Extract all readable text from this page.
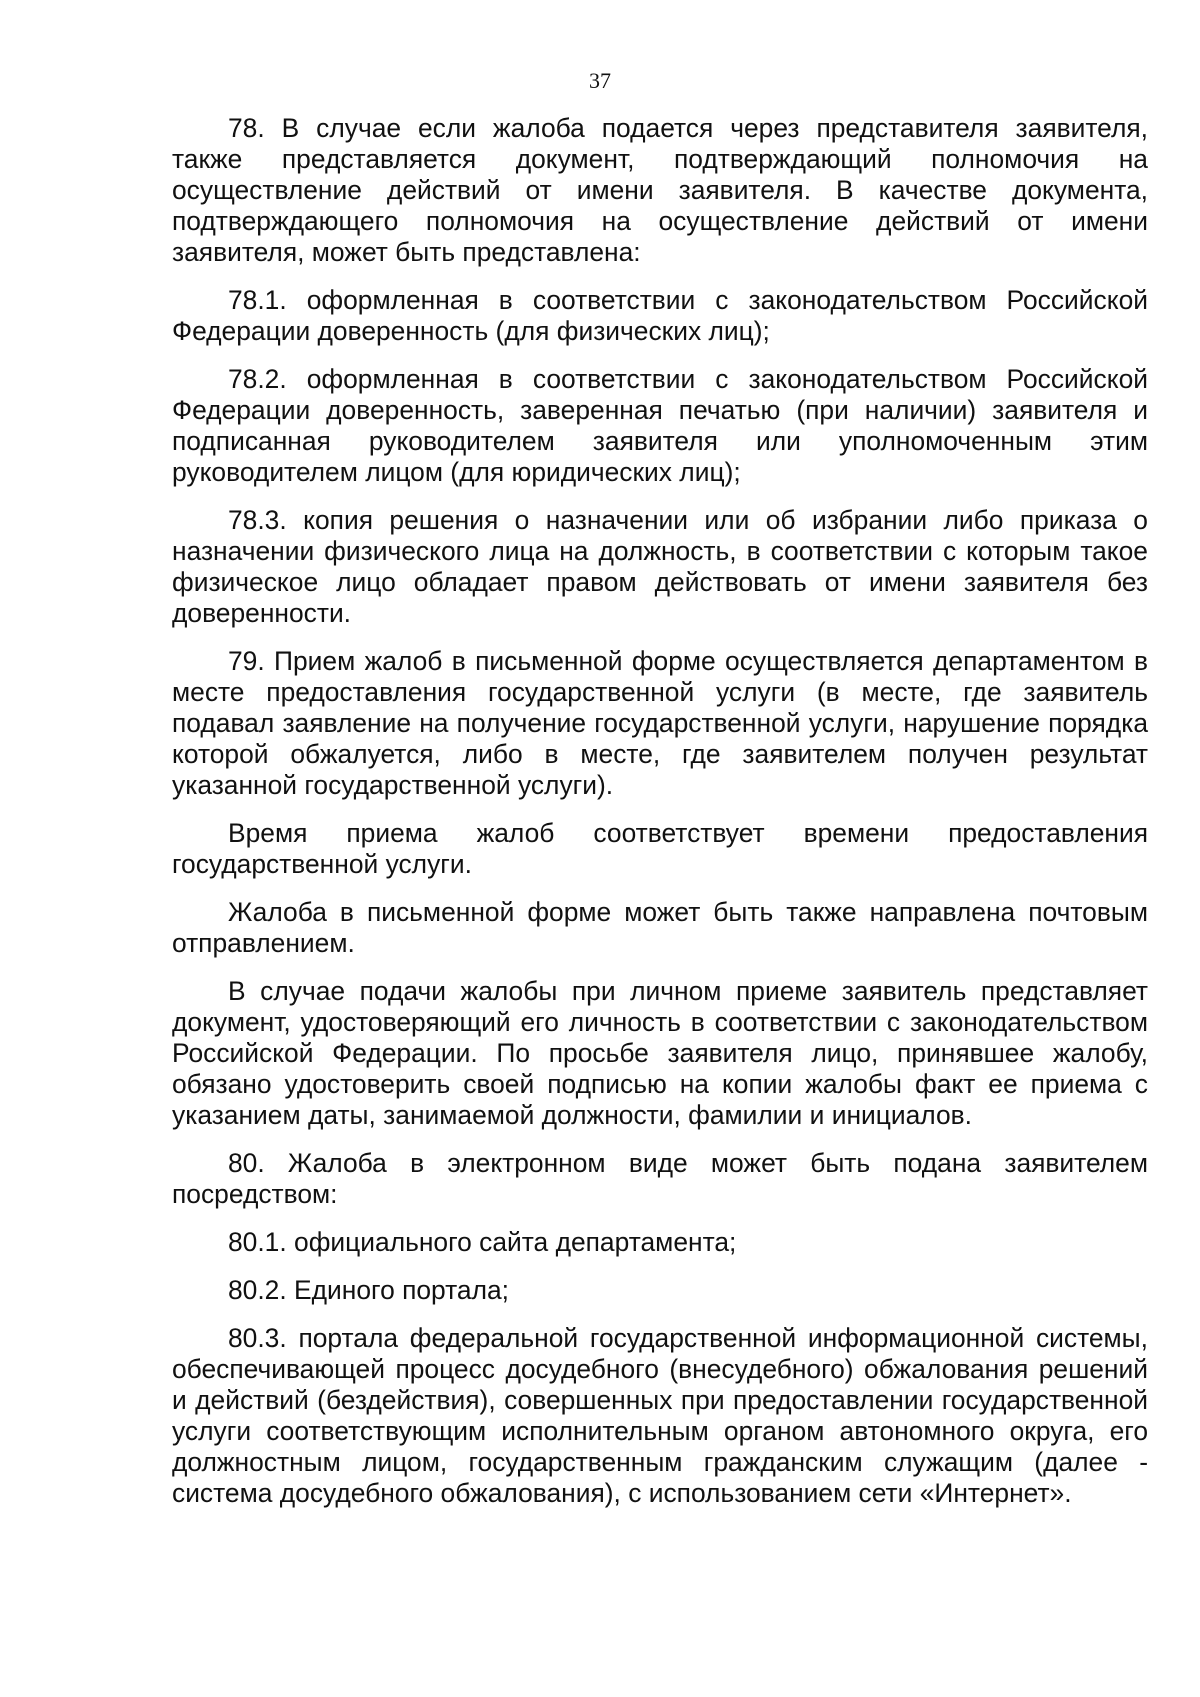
37

78. В случае если жалоба подается через представителя заявителя, также представляется документ, подтверждающий полномочия на осуществление действий от имени заявителя. В качестве документа, подтверждающего полномочия на осуществление действий от имени заявителя, может быть представлена:

78.1. оформленная в соответствии с законодательством Российской Федерации доверенность (для физических лиц);

78.2. оформленная в соответствии с законодательством Российской Федерации доверенность, заверенная печатью (при наличии) заявителя и подписанная руководителем заявителя или уполномоченным этим руководителем лицом (для юридических лиц);

78.3. копия решения о назначении или об избрании либо приказа о назначении физического лица на должность, в соответствии с которым такое физическое лицо обладает правом действовать от имени заявителя без доверенности.

79. Прием жалоб в письменной форме осуществляется департаментом в месте предоставления государственной услуги (в месте, где заявитель подавал заявление на получение государственной услуги, нарушение порядка которой обжалуется, либо в месте, где заявителем получен результат указанной государственной услуги).

Время приема жалоб соответствует времени предоставления государственной услуги.

Жалоба в письменной форме может быть также направлена почтовым отправлением.

В случае подачи жалобы при личном приеме заявитель представляет документ, удостоверяющий его личность в соответствии с законодательством Российской Федерации. По просьбе заявителя лицо, принявшее жалобу, обязано удостоверить своей подписью на копии жалобы факт ее приема с указанием даты, занимаемой должности, фамилии и инициалов.

80. Жалоба в электронном виде может быть подана заявителем посредством:

80.1. официального сайта департамента;

80.2. Единого портала;

80.3. портала федеральной государственной информационной системы, обеспечивающей процесс досудебного (внесудебного) обжалования решений и действий (бездействия), совершенных при предоставлении государственной услуги соответствующим исполнительным органом автономного округа, его должностным лицом, государственным гражданским служащим (далее - система досудебного обжалования), с использованием сети «Интернет».
